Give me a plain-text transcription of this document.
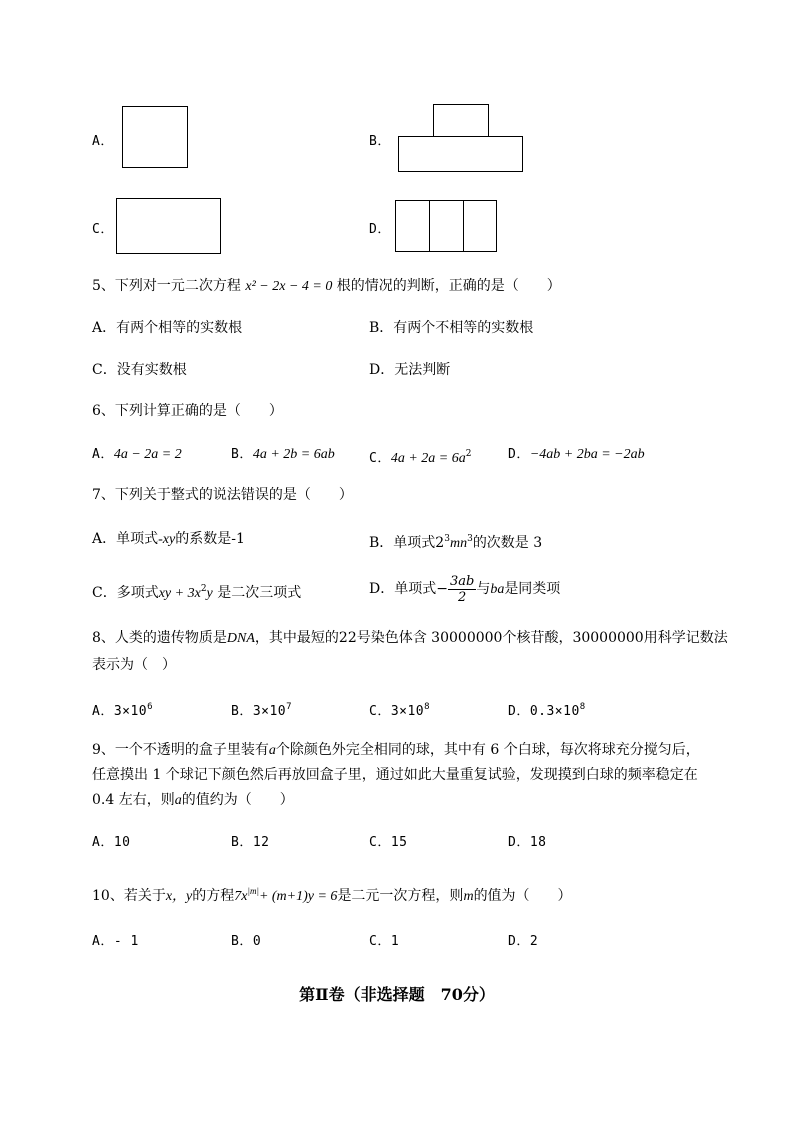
A．	B．
C．	D．
5、下列对一元二次方程 x² − 2x − 4 = 0 根的情况的判断，正确的是（　　）
A．有两个相等的实数根	B．有两个不相等的实数根
C．没有实数根	D．无法判断
6、下列计算正确的是（　　）
A．4a − 2a = 2	B．4a + 2b = 6ab	C．$4a + 2a = 6a^2$	D．−4ab + 2ba = −2ab
7、下列关于整式的说法错误的是（　　）
A．单项式-xy的系数是-1	B．单项式$2^3mn^3$的次数是 3
C．多项式xy + $3x^2y$ 是二次三项式	D．单项式− $\frac{3ab}{2}$ 与ba是同类项
8、人类的遗传物质是DNA，其中最短的22号染色体含 30000000个核苷酸，30000000用科学记数法
表示为（　）
A．$3\times 10^6$	B．$3\times 10^7$	C．$3\times 10^8$	D．$0.3\times 10^8$
9、一个不透明的盒子里装有a个除颜色外完全相同的球，其中有 6 个白球，每次将球充分搅匀后，
任意摸出 1 个球记下颜色然后再放回盒子里，通过如此大量重复试验，发现摸到白球的频率稳定在
0.4 左右，则a的值约为（　　）
A．10	B．12	C．15	D．18
10、若关于x，y的方程$7x^{|m|}+ (m+1)y = 6$是二元一次方程，则m的值为（　　）
A．- 1	B．0	C．1	D．2
第Ⅱ卷（非选择题　70分）
